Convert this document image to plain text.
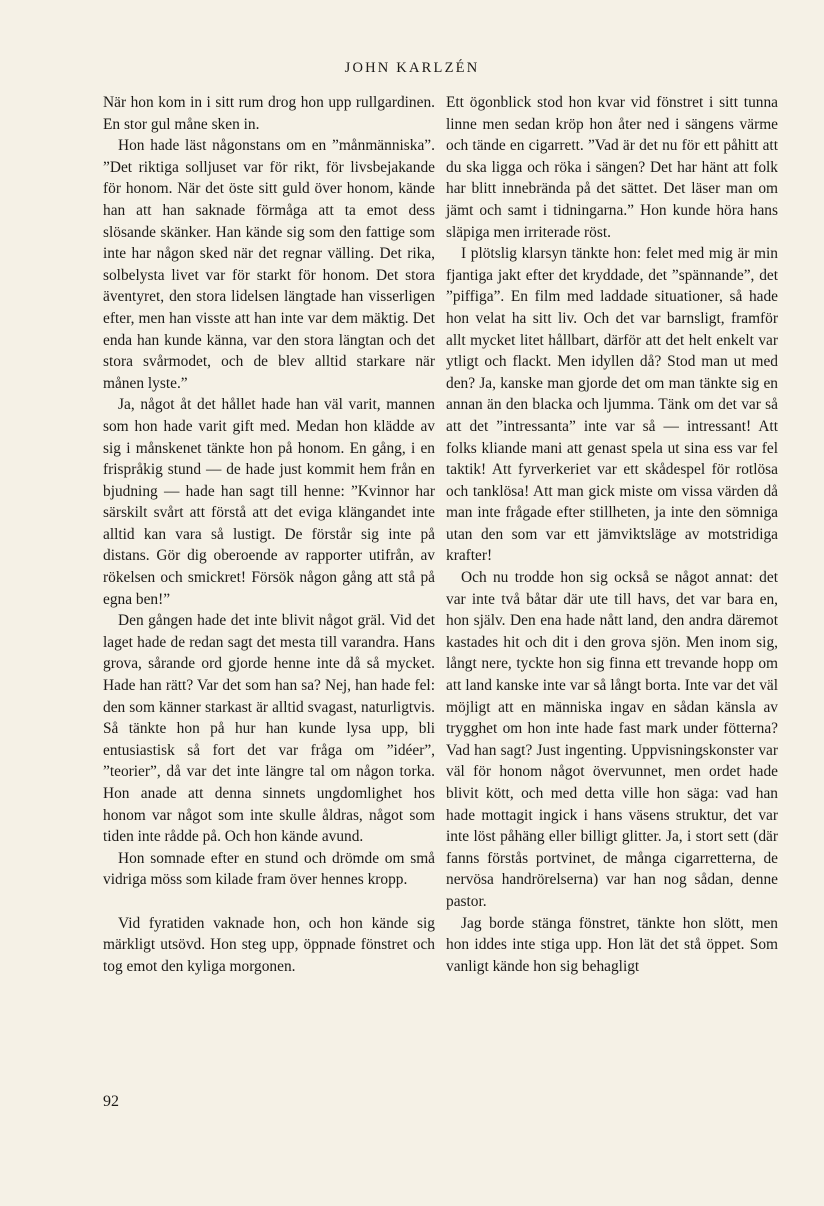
JOHN KARLZÉN

När hon kom in i sitt rum drog hon upp rullgardinen. En stor gul måne sken in.

Hon hade läst någonstans om en ”månmänniska”. ”Det riktiga solljuset var för rikt, för livsbejakande för honom. När det öste sitt guld över honom, kände han att han saknade förmåga att ta emot dess slösande skänker. Han kände sig som den fattige som inte har någon sked när det regnar välling. Det rika, solbelysta livet var för starkt för honom. Det stora äventyret, den stora lidelsen längtade han visserligen efter, men han visste att han inte var dem mäktig. Det enda han kunde känna, var den stora längtan och det stora svårmodet, och de blev alltid starkare när månen lyste.”

Ja, något åt det hållet hade han väl varit, mannen som hon hade varit gift med. Medan hon klädde av sig i månskenet tänkte hon på honom. En gång, i en frispråkig stund — de hade just kommit hem från en bjudning — hade han sagt till henne: ”Kvinnor har särskilt svårt att förstå att det eviga klängandet inte alltid kan vara så lustigt. De förstår sig inte på distans. Gör dig oberoende av rapporter utifrån, av rökelsen och smickret! Försök någon gång att stå på egna ben!”

Den gången hade det inte blivit något gräl. Vid det laget hade de redan sagt det mesta till varandra. Hans grova, sårande ord gjorde henne inte då så mycket. Hade han rätt? Var det som han sa? Nej, han hade fel: den som känner starkast är alltid svagast, naturligtvis. Så tänkte hon på hur han kunde lysa upp, bli entusiastisk så fort det var fråga om ”idéer”, ”teorier”, då var det inte längre tal om någon torka. Hon anade att denna sinnets ungdomlighet hos honom var något som inte skulle åldras, något som tiden inte rådde på. Och hon kände avund.

Hon somnade efter en stund och drömde om små vidriga möss som kilade fram över hennes kropp.

Vid fyratiden vaknade hon, och hon kände sig märkligt utsövd. Hon steg upp, öppnade fönstret och tog emot den kyliga morgonen.

Ett ögonblick stod hon kvar vid fönstret i sitt tunna linne men sedan kröp hon åter ned i sängens värme och tände en cigarrett. ”Vad är det nu för ett påhitt att du ska ligga och röka i sängen? Det har hänt att folk har blitt innebrända på det sättet. Det läser man om jämt och samt i tidningarna.” Hon kunde höra hans släpiga men irriterade röst.

I plötslig klarsyn tänkte hon: felet med mig är min fjantiga jakt efter det kryddade, det ”spännande”, det ”piffiga”. En film med laddade situationer, så hade hon velat ha sitt liv. Och det var barnsligt, framför allt mycket litet hållbart, därför att det helt enkelt var ytligt och flackt. Men idyllen då? Stod man ut med den? Ja, kanske man gjorde det om man tänkte sig en annan än den blacka och ljumma. Tänk om det var så att det ”intressanta” inte var så — intressant! Att folks kliande mani att genast spela ut sina ess var fel taktik! Att fyrverkeriet var ett skådespel för rotlösa och tanklösa! Att man gick miste om vissa värden då man inte frågade efter stillheten, ja inte den sömniga utan den som var ett jämviktsläge av motstridiga krafter!

Och nu trodde hon sig också se något annat: det var inte två båtar där ute till havs, det var bara en, hon själv. Den ena hade nått land, den andra däremot kastades hit och dit i den grova sjön. Men inom sig, långt nere, tyckte hon sig finna ett trevande hopp om att land kanske inte var så långt borta. Inte var det väl möjligt att en människa ingav en sådan känsla av trygghet om hon inte hade fast mark under fötterna? Vad han sagt? Just ingenting. Uppvisningskonster var väl för honom något övervunnet, men ordet hade blivit kött, och med detta ville hon säga: vad han hade mottagit ingick i hans väsens struktur, det var inte löst påhäng eller billigt glitter. Ja, i stort sett (där fanns förstås portvinet, de många cigarretterna, de nervösa handrörelserna) var han nog sådan, denne pastor.

Jag borde stänga fönstret, tänkte hon slött, men hon iddes inte stiga upp. Hon lät det stå öppet. Som vanligt kände hon sig behagligt

92
